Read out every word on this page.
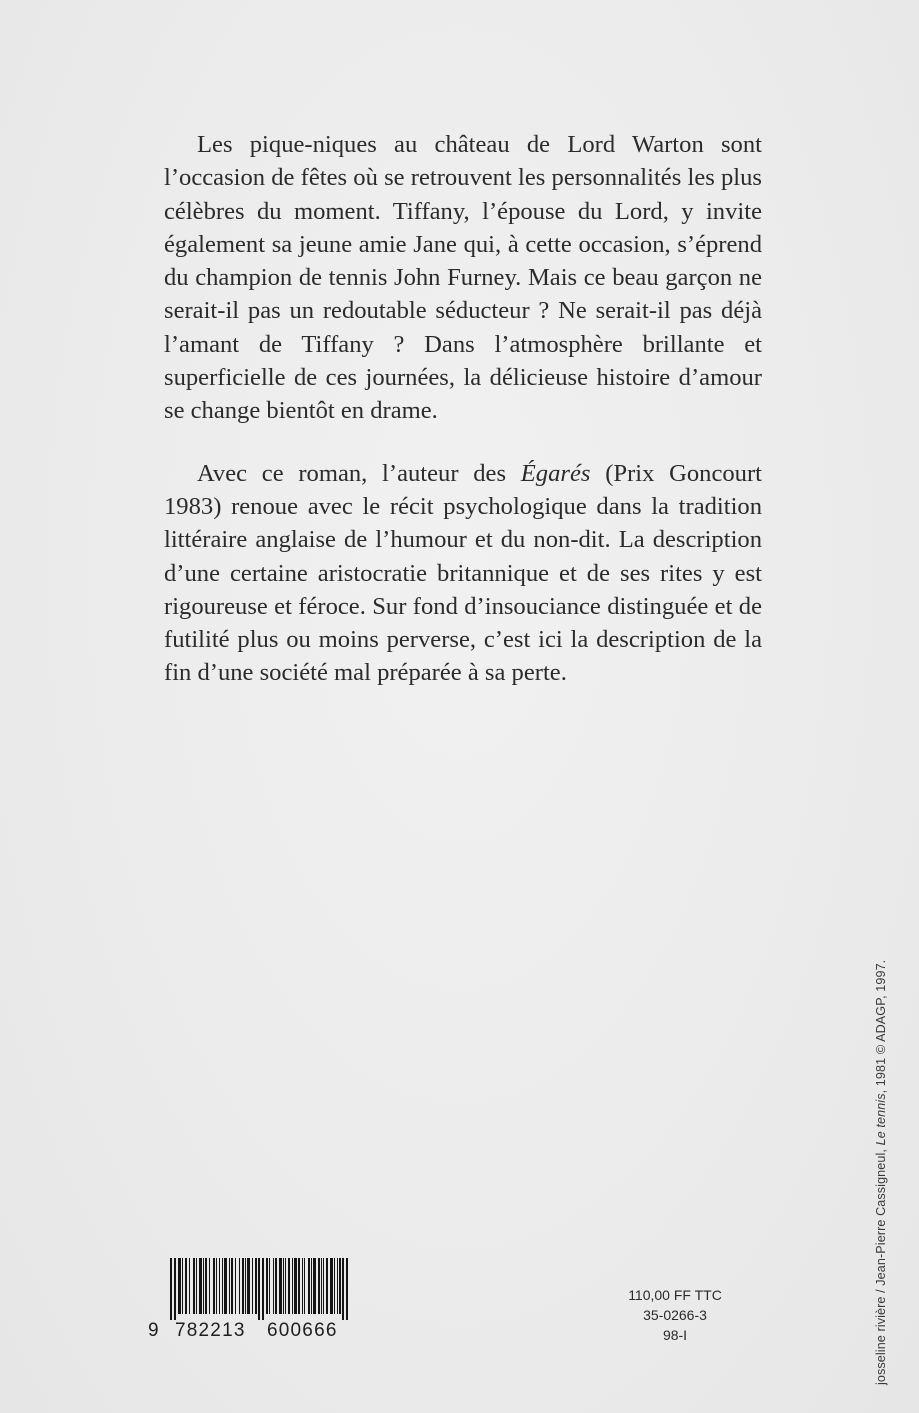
Les pique-niques au château de Lord Warton sont l’occasion de fêtes où se retrouvent les personnalités les plus célèbres du moment. Tiffany, l’épouse du Lord, y invite également sa jeune amie Jane qui, à cette occasion, s’éprend du champion de tennis John Furney. Mais ce beau garçon ne serait-il pas un redoutable séducteur ? Ne serait-il pas déjà l’amant de Tiffany ? Dans l’atmosphère brillante et superficielle de ces journées, la délicieuse histoire d’amour se change bientôt en drame.

Avec ce roman, l’auteur des Égarés (Prix Goncourt 1983) renoue avec le récit psychologique dans la tradition littéraire anglaise de l’humour et du non-dit. La description d’une certaine aristocratie britannique et de ses rites y est rigoureuse et féroce. Sur fond d’insouciance distinguée et de futilité plus ou moins perverse, c’est ici la description de la fin d’une société mal préparée à sa perte.

josseline rivière / Jean-Pierre Cassigneul, Le tennis, 1981 © ADAGP, 1997.
9 782213 600666
110,00 FF TTC
35-0266-3
98-I
